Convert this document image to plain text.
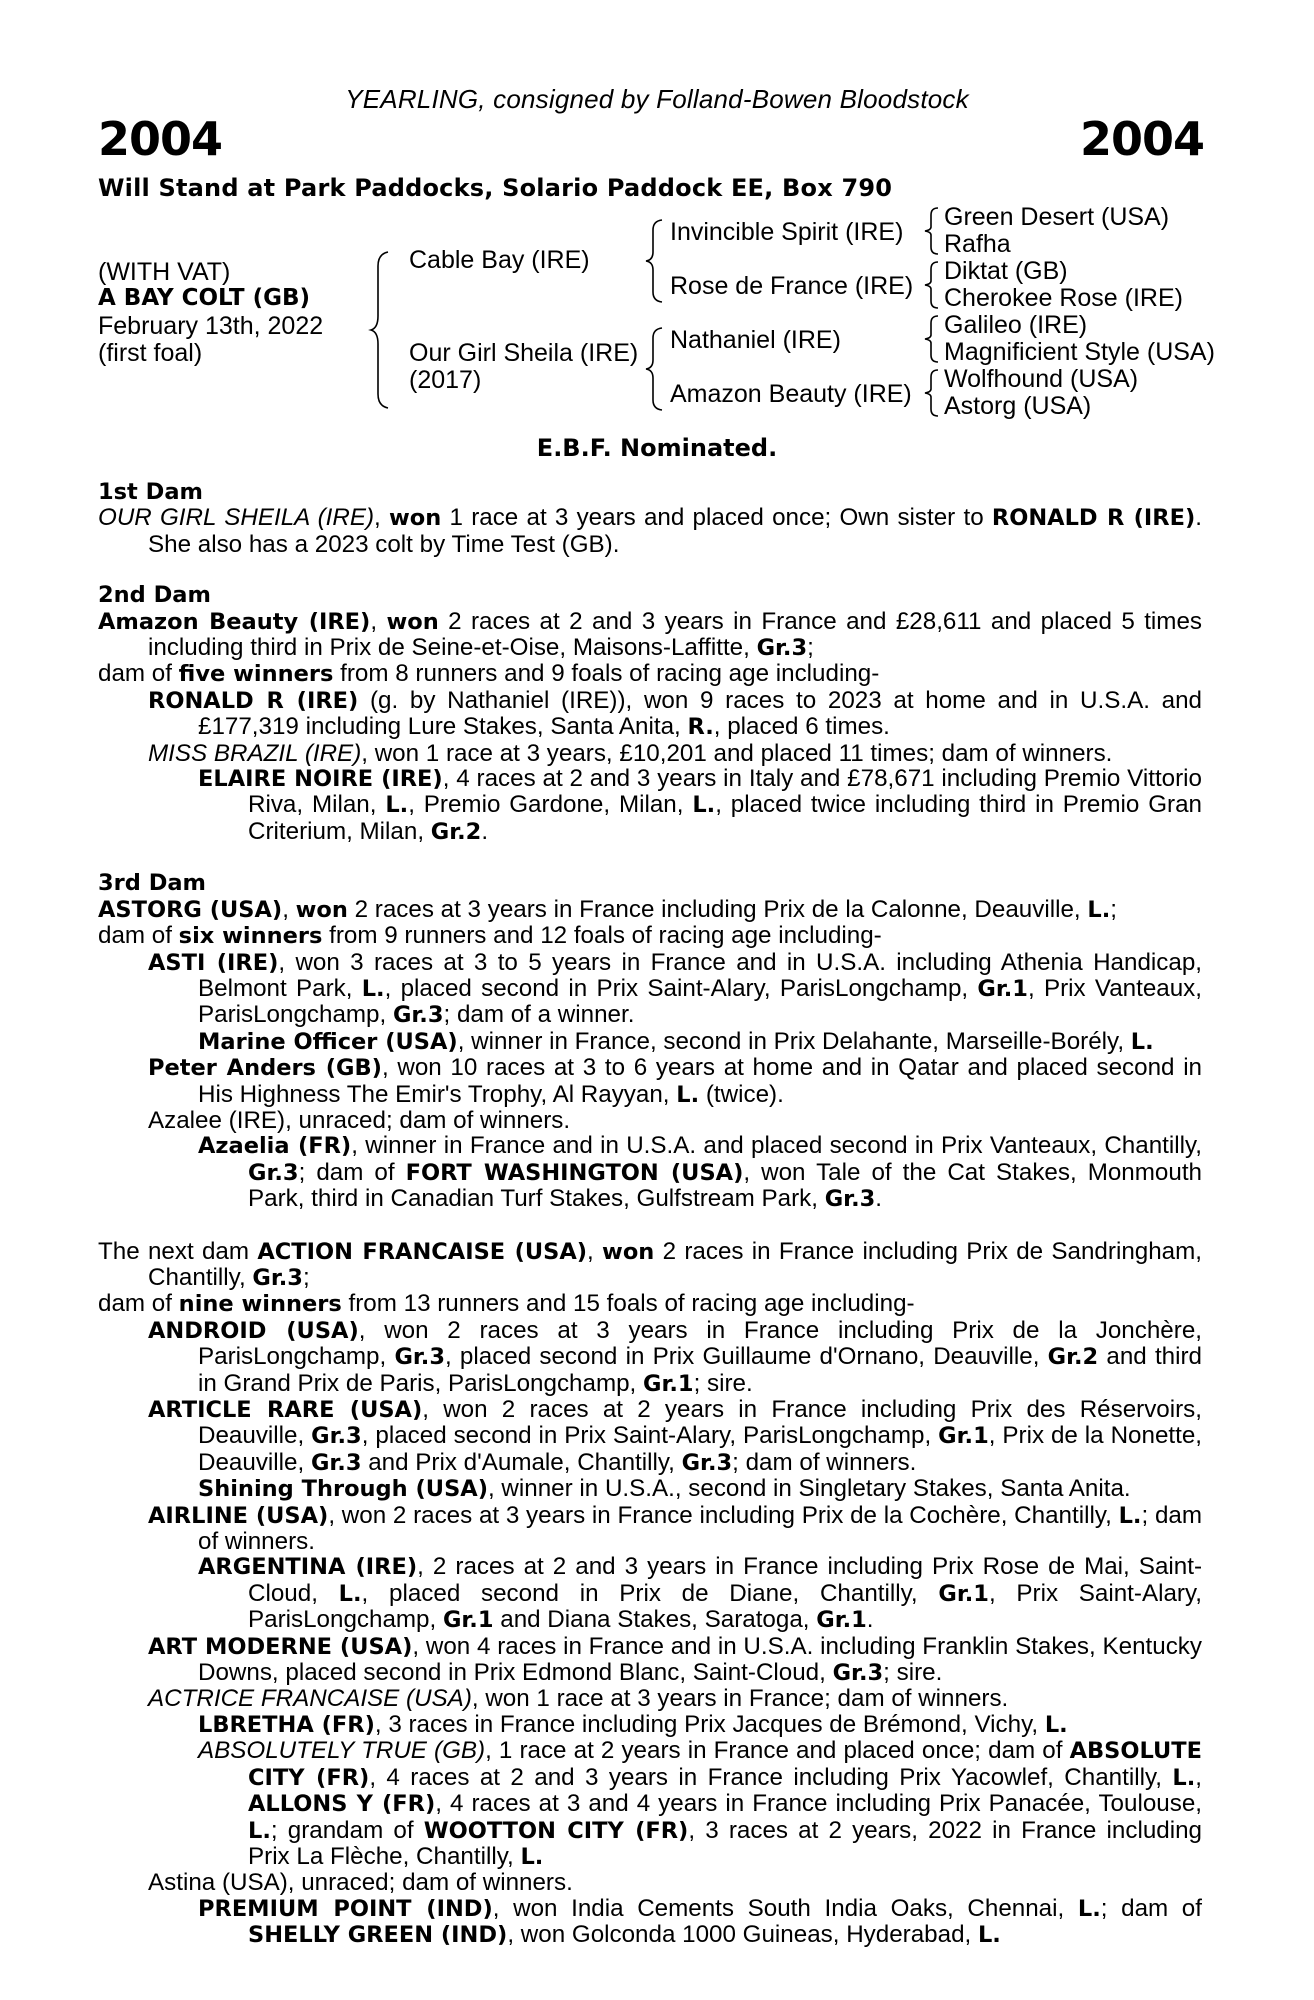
YEARLING, consigned by Folland-Bowen Bloodstock
2004	2004
Will Stand at Park Paddocks, Solario Paddock EE, Box 790
(WITH VAT)
A BAY COLT (GB)
February 13th, 2022
(first foal)
Cable Bay (IRE)
Our Girl Sheila (IRE)
(2017)
Invincible Spirit (IRE)
Rose de France (IRE)
Nathaniel (IRE)
Amazon Beauty (IRE)
Green Desert (USA)
Rafha
Diktat (GB)
Cherokee Rose (IRE)
Galileo (IRE)
Magnificient Style (USA)
Wolfhound (USA)
Astorg (USA)
E.B.F. Nominated.
1st Dam
OUR GIRL SHEILA (IRE), won 1 race at 3 years and placed once; Own sister to RONALD R (IRE). She also has a 2023 colt by Time Test (GB).
2nd Dam
Amazon Beauty (IRE), won 2 races at 2 and 3 years in France and £28,611 and placed 5 times including third in Prix de Seine-et-Oise, Maisons-Laffitte, Gr.3;
dam of five winners from 8 runners and 9 foals of racing age including-
RONALD R (IRE) (g. by Nathaniel (IRE)), won 9 races to 2023 at home and in U.S.A. and £177,319 including Lure Stakes, Santa Anita, R., placed 6 times.
MISS BRAZIL (IRE), won 1 race at 3 years, £10,201 and placed 11 times; dam of winners.
ELAIRE NOIRE (IRE), 4 races at 2 and 3 years in Italy and £78,671 including Premio Vittorio Riva, Milan, L., Premio Gardone, Milan, L., placed twice including third in Premio Gran Criterium, Milan, Gr.2.
3rd Dam
ASTORG (USA), won 2 races at 3 years in France including Prix de la Calonne, Deauville, L.;
dam of six winners from 9 runners and 12 foals of racing age including-
ASTI (IRE), won 3 races at 3 to 5 years in France and in U.S.A. including Athenia Handicap, Belmont Park, L., placed second in Prix Saint-Alary, ParisLongchamp, Gr.1, Prix Vanteaux, ParisLongchamp, Gr.3; dam of a winner.
Marine Officer (USA), winner in France, second in Prix Delahante, Marseille-Borély, L.
Peter Anders (GB), won 10 races at 3 to 6 years at home and in Qatar and placed second in His Highness The Emir's Trophy, Al Rayyan, L. (twice).
Azalee (IRE), unraced; dam of winners.
Azaelia (FR), winner in France and in U.S.A. and placed second in Prix Vanteaux, Chantilly, Gr.3; dam of FORT WASHINGTON (USA), won Tale of the Cat Stakes, Monmouth Park, third in Canadian Turf Stakes, Gulfstream Park, Gr.3.
The next dam ACTION FRANCAISE (USA), won 2 races in France including Prix de Sandringham, Chantilly, Gr.3;
dam of nine winners from 13 runners and 15 foals of racing age including-
ANDROID (USA), won 2 races at 3 years in France including Prix de la Jonchère, ParisLongchamp, Gr.3, placed second in Prix Guillaume d'Ornano, Deauville, Gr.2 and third in Grand Prix de Paris, ParisLongchamp, Gr.1; sire.
ARTICLE RARE (USA), won 2 races at 2 years in France including Prix des Réservoirs, Deauville, Gr.3, placed second in Prix Saint-Alary, ParisLongchamp, Gr.1, Prix de la Nonette, Deauville, Gr.3 and Prix d'Aumale, Chantilly, Gr.3; dam of winners.
Shining Through (USA), winner in U.S.A., second in Singletary Stakes, Santa Anita.
AIRLINE (USA), won 2 races at 3 years in France including Prix de la Cochère, Chantilly, L.; dam of winners.
ARGENTINA (IRE), 2 races at 2 and 3 years in France including Prix Rose de Mai, Saint-Cloud, L., placed second in Prix de Diane, Chantilly, Gr.1, Prix Saint-Alary, ParisLongchamp, Gr.1 and Diana Stakes, Saratoga, Gr.1.
ART MODERNE (USA), won 4 races in France and in U.S.A. including Franklin Stakes, Kentucky Downs, placed second in Prix Edmond Blanc, Saint-Cloud, Gr.3; sire.
ACTRICE FRANCAISE (USA), won 1 race at 3 years in France; dam of winners.
LBRETHA (FR), 3 races in France including Prix Jacques de Brémond, Vichy, L.
ABSOLUTELY TRUE (GB), 1 race at 2 years in France and placed once; dam of ABSOLUTE CITY (FR), 4 races at 2 and 3 years in France including Prix Yacowlef, Chantilly, L., ALLONS Y (FR), 4 races at 3 and 4 years in France including Prix Panacée, Toulouse, L.; grandam of WOOTTON CITY (FR), 3 races at 2 years, 2022 in France including Prix La Flèche, Chantilly, L.
Astina (USA), unraced; dam of winners.
PREMIUM POINT (IND), won India Cements South India Oaks, Chennai, L.; dam of SHELLY GREEN (IND), won Golconda 1000 Guineas, Hyderabad, L.
